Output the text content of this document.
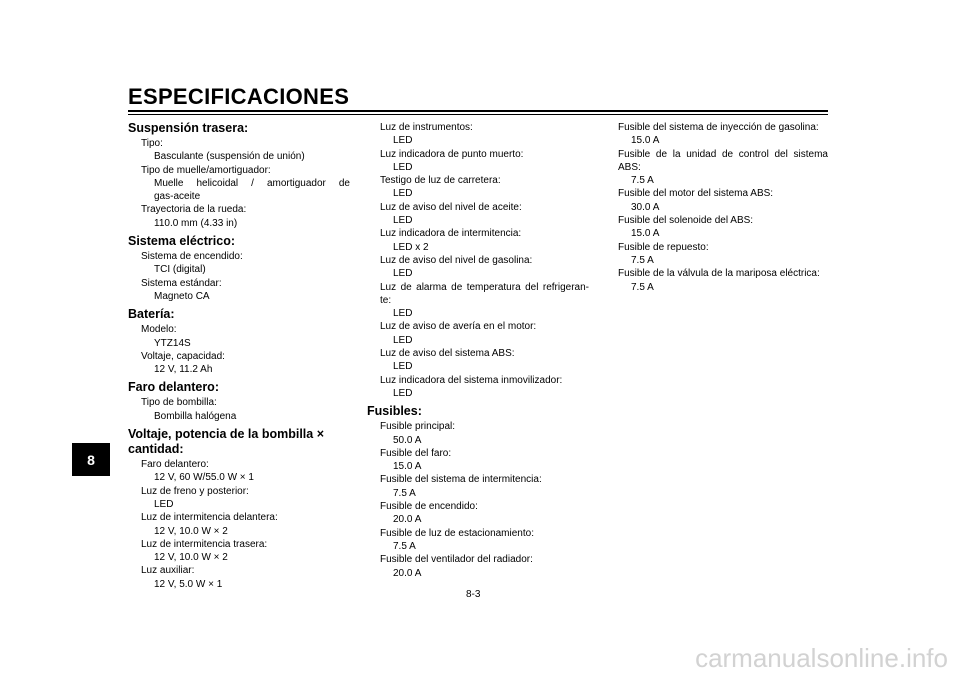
ESPECIFICACIONES
8
Suspensión trasera:
Tipo:
Basculante (suspensión de unión)
Tipo de muelle/amortiguador:
Muelle helicoidal / amortiguador de
gas-aceite
Trayectoria de la rueda:
110.0 mm (4.33 in)
Sistema eléctrico:
Sistema de encendido:
TCI (digital)
Sistema estándar:
Magneto CA
Batería:
Modelo:
YTZ14S
Voltaje, capacidad:
12 V, 11.2 Ah
Faro delantero:
Tipo de bombilla:
Bombilla halógena
Voltaje, potencia de la bombilla ×
cantidad:
Faro delantero:
12 V, 60 W/55.0 W × 1
Luz de freno y posterior:
LED
Luz de intermitencia delantera:
12 V, 10.0 W × 2
Luz de intermitencia trasera:
12 V, 10.0 W × 2
Luz auxiliar:
12 V, 5.0 W × 1
Luz de instrumentos:
LED
Luz indicadora de punto muerto:
LED
Testigo de luz de carretera:
LED
Luz de aviso del nivel de aceite:
LED
Luz indicadora de intermitencia:
LED x 2
Luz de aviso del nivel de gasolina:
LED
Luz de alarma de temperatura del refrigeran-
te:
LED
Luz de aviso de avería en el motor:
LED
Luz de aviso del sistema ABS:
LED
Luz indicadora del sistema inmovilizador:
LED
Fusibles:
Fusible principal:
50.0 A
Fusible del faro:
15.0 A
Fusible del sistema de intermitencia:
7.5 A
Fusible de encendido:
20.0 A
Fusible de luz de estacionamiento:
7.5 A
Fusible del ventilador del radiador:
20.0 A
Fusible del sistema de inyección de gasolina:
15.0 A
Fusible de la unidad de control del sistema
ABS:
7.5 A
Fusible del motor del sistema ABS:
30.0 A
Fusible del solenoide del ABS:
15.0 A
Fusible de repuesto:
7.5 A
Fusible de la válvula de la mariposa eléctrica:
7.5 A
8-3
carmanualsonline.info
